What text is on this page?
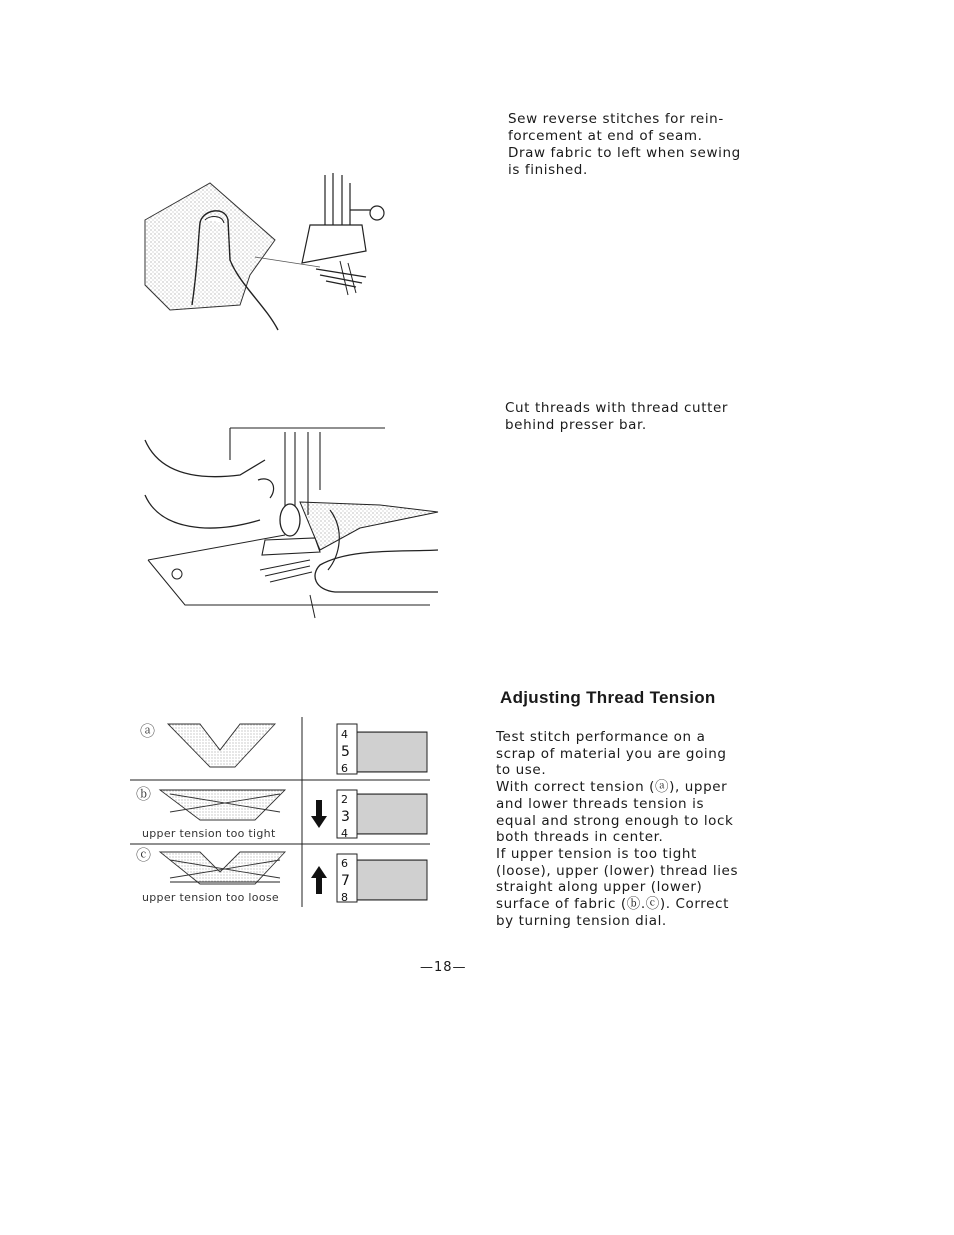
Sew reverse stitches for rein-

forcement at end of seam.

Draw fabric to left when sewing

is finished.

Cut threads with thread cutter

behind presser bar.

Adjusting Thread Tension

Test stitch performance on a

scrap of material you are going

to use.

With correct tension (ⓐ), upper

and lower threads tension is

equal and strong enough to lock

both threads in center.

If upper tension is too tight

(loose), upper (lower) thread lies

straight along upper (lower)

surface of fabric (ⓑ.ⓒ). Correct

by turning tension dial.

ⓐ	4
5
6
ⓑ
upper tension too tight
2
3
4
ⓒ
upper tension too loose
6
7
8
—18—
